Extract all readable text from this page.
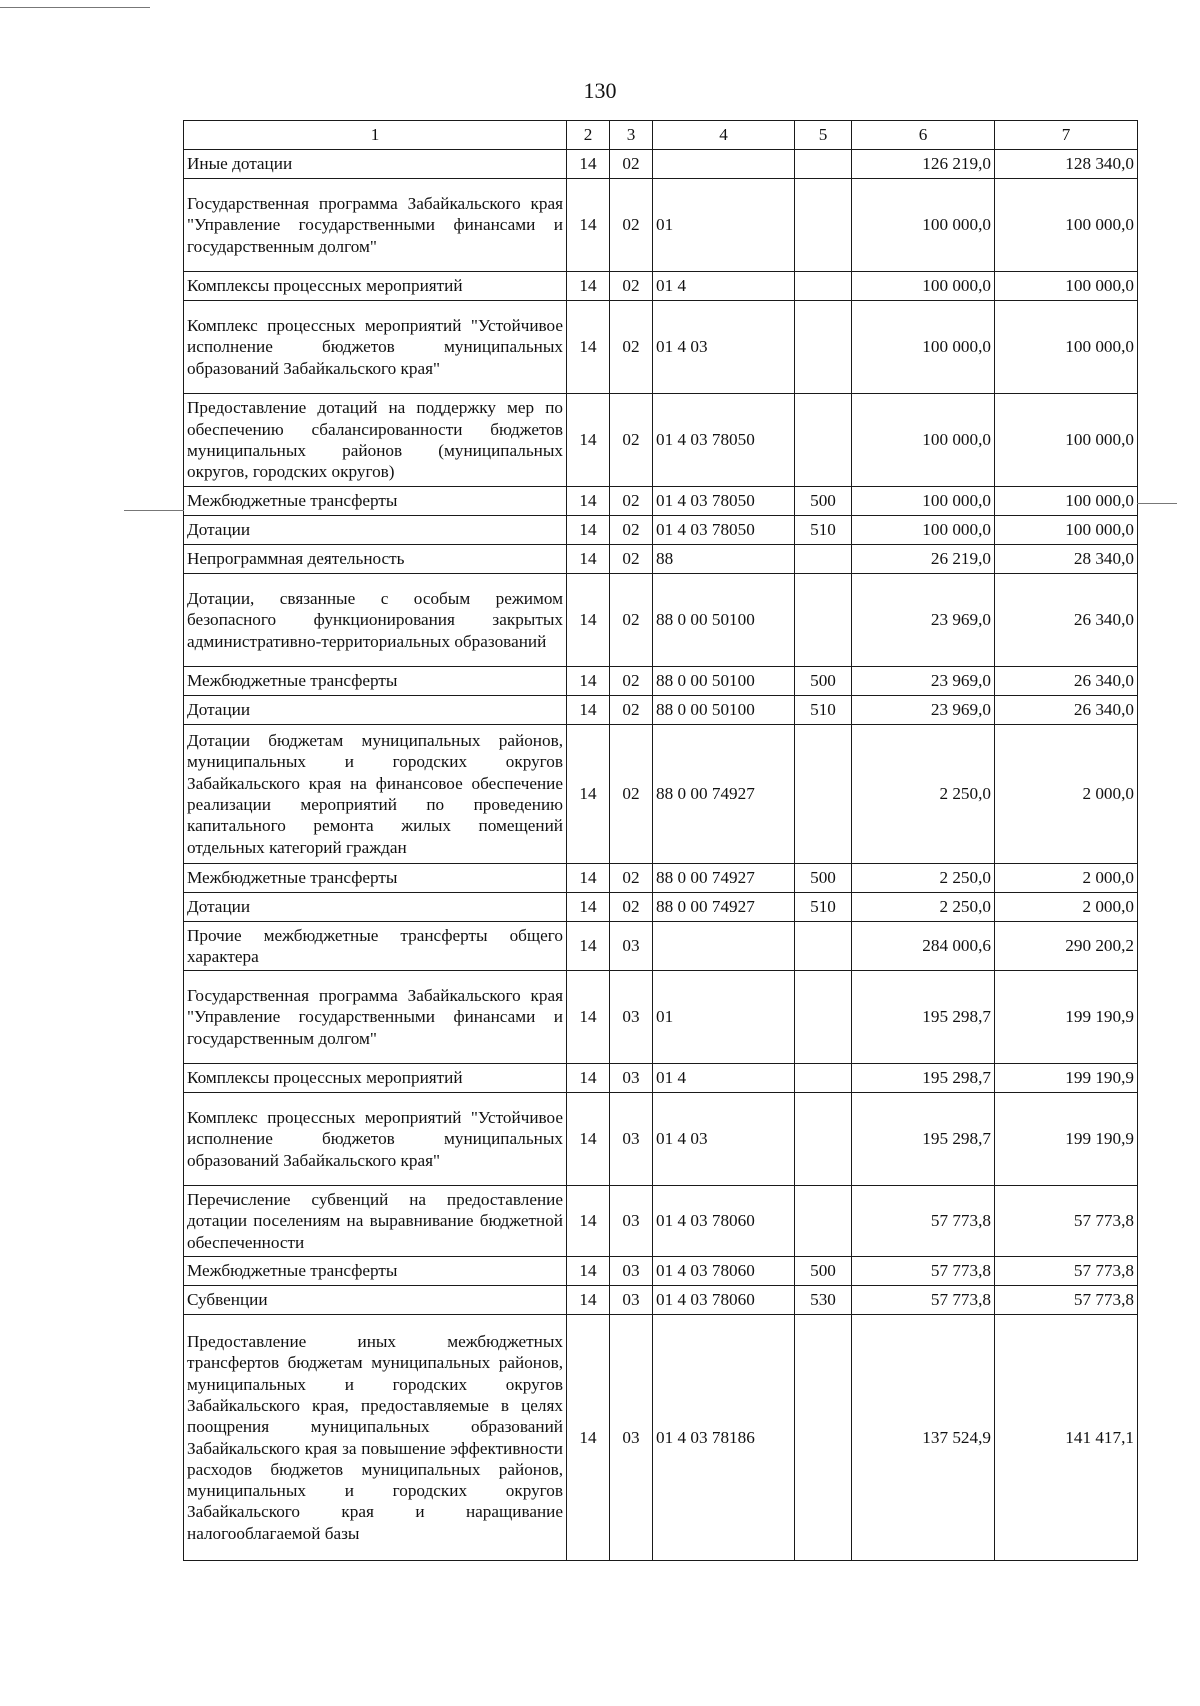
130
1	2	3	4	5	6	7
Иные дотации	14	02			126 219,0	128 340,0
Государственная программа Забайкальского края "Управление государственными финансами и государственным долгом"	14	02	01		100 000,0	100 000,0
Комплексы процессных мероприятий	14	02	01 4		100 000,0	100 000,0
Комплекс процессных мероприятий "Устойчивое исполнение бюджетов муниципальных образований Забайкальского края"	14	02	01 4 03		100 000,0	100 000,0
Предоставление дотаций на поддержку мер по обеспечению сбалансированности бюджетов муниципальных районов (муниципальных округов, городских округов)	14	02	01 4 03 78050		100 000,0	100 000,0
Межбюджетные трансферты	14	02	01 4 03 78050	500	100 000,0	100 000,0
Дотации	14	02	01 4 03 78050	510	100 000,0	100 000,0
Непрограммная деятельность	14	02	88		26 219,0	28 340,0
Дотации, связанные с особым режимом безопасного функционирования закрытых административно-территориальных образований	14	02	88 0 00 50100		23 969,0	26 340,0
Межбюджетные трансферты	14	02	88 0 00 50100	500	23 969,0	26 340,0
Дотации	14	02	88 0 00 50100	510	23 969,0	26 340,0
Дотации бюджетам муниципальных районов, муниципальных и городских округов Забайкальского края на финансовое обеспечение реализации мероприятий по проведению капитального ремонта жилых помещений отдельных категорий граждан	14	02	88 0 00 74927		2 250,0	2 000,0
Межбюджетные трансферты	14	02	88 0 00 74927	500	2 250,0	2 000,0
Дотации	14	02	88 0 00 74927	510	2 250,0	2 000,0
Прочие межбюджетные трансферты общего характера	14	03			284 000,6	290 200,2
Государственная программа Забайкальского края "Управление государственными финансами и государственным долгом"	14	03	01		195 298,7	199 190,9
Комплексы процессных мероприятий	14	03	01 4		195 298,7	199 190,9
Комплекс процессных мероприятий "Устойчивое исполнение бюджетов муниципальных образований Забайкальского края"	14	03	01 4 03		195 298,7	199 190,9
Перечисление субвенций на предоставление дотации поселениям на выравнивание бюджетной обеспеченности	14	03	01 4 03 78060		57 773,8	57 773,8
Межбюджетные трансферты	14	03	01 4 03 78060	500	57 773,8	57 773,8
Субвенции	14	03	01 4 03 78060	530	57 773,8	57 773,8
Предоставление иных межбюджетных трансфертов бюджетам муниципальных районов, муниципальных и городских округов Забайкальского края, предоставляемые в целях поощрения муниципальных образований Забайкальского края за повышение эффективности расходов бюджетов муниципальных районов, муниципальных и городских округов Забайкальского края и наращивание налогооблагаемой базы	14	03	01 4 03 78186		137 524,9	141 417,1
